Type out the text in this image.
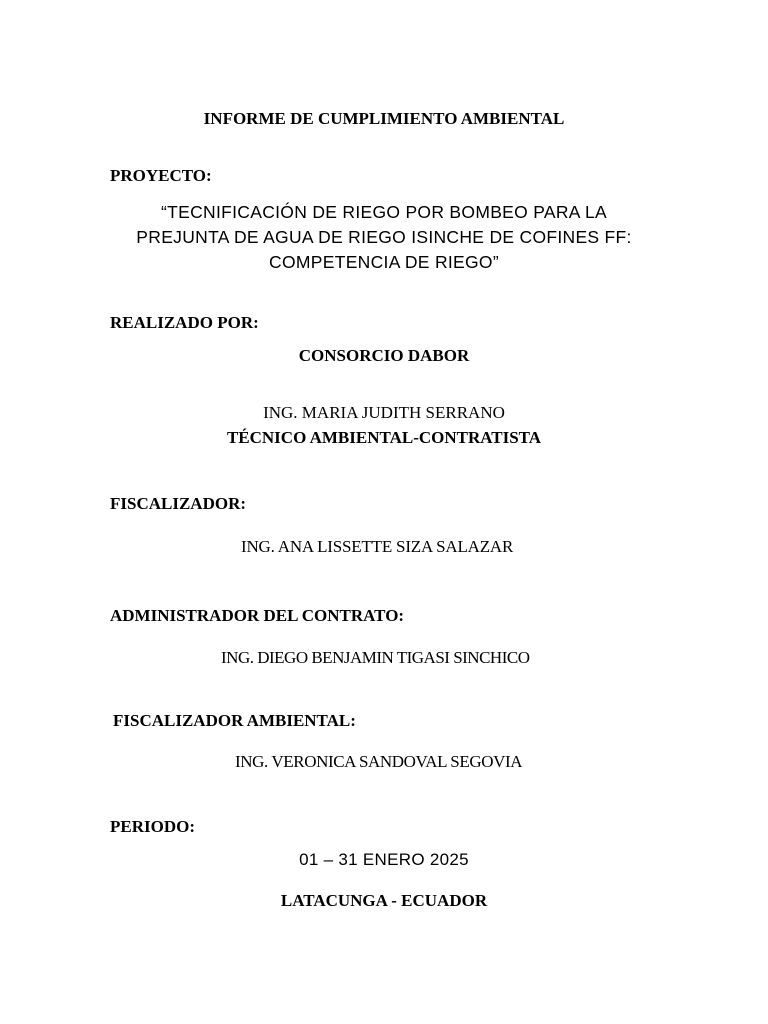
INFORME DE CUMPLIMIENTO AMBIENTAL

PROYECTO:

“TECNIFICACIÓN DE RIEGO POR BOMBEO PARA LA
PREJUNTA DE AGUA DE RIEGO ISINCHE DE COFINES FF:
COMPETENCIA DE RIEGO”

REALIZADO POR:

CONSORCIO DABOR

ING. MARIA JUDITH SERRANO

TÉCNICO AMBIENTAL-CONTRATISTA

FISCALIZADOR:

ING. ANA LISSETTE SIZA SALAZAR

ADMINISTRADOR DEL CONTRATO:

ING. DIEGO BENJAMIN TIGASI SINCHICO

FISCALIZADOR AMBIENTAL:

ING. VERONICA SANDOVAL SEGOVIA

PERIODO:

01 – 31 ENERO 2025

LATACUNGA - ECUADOR
